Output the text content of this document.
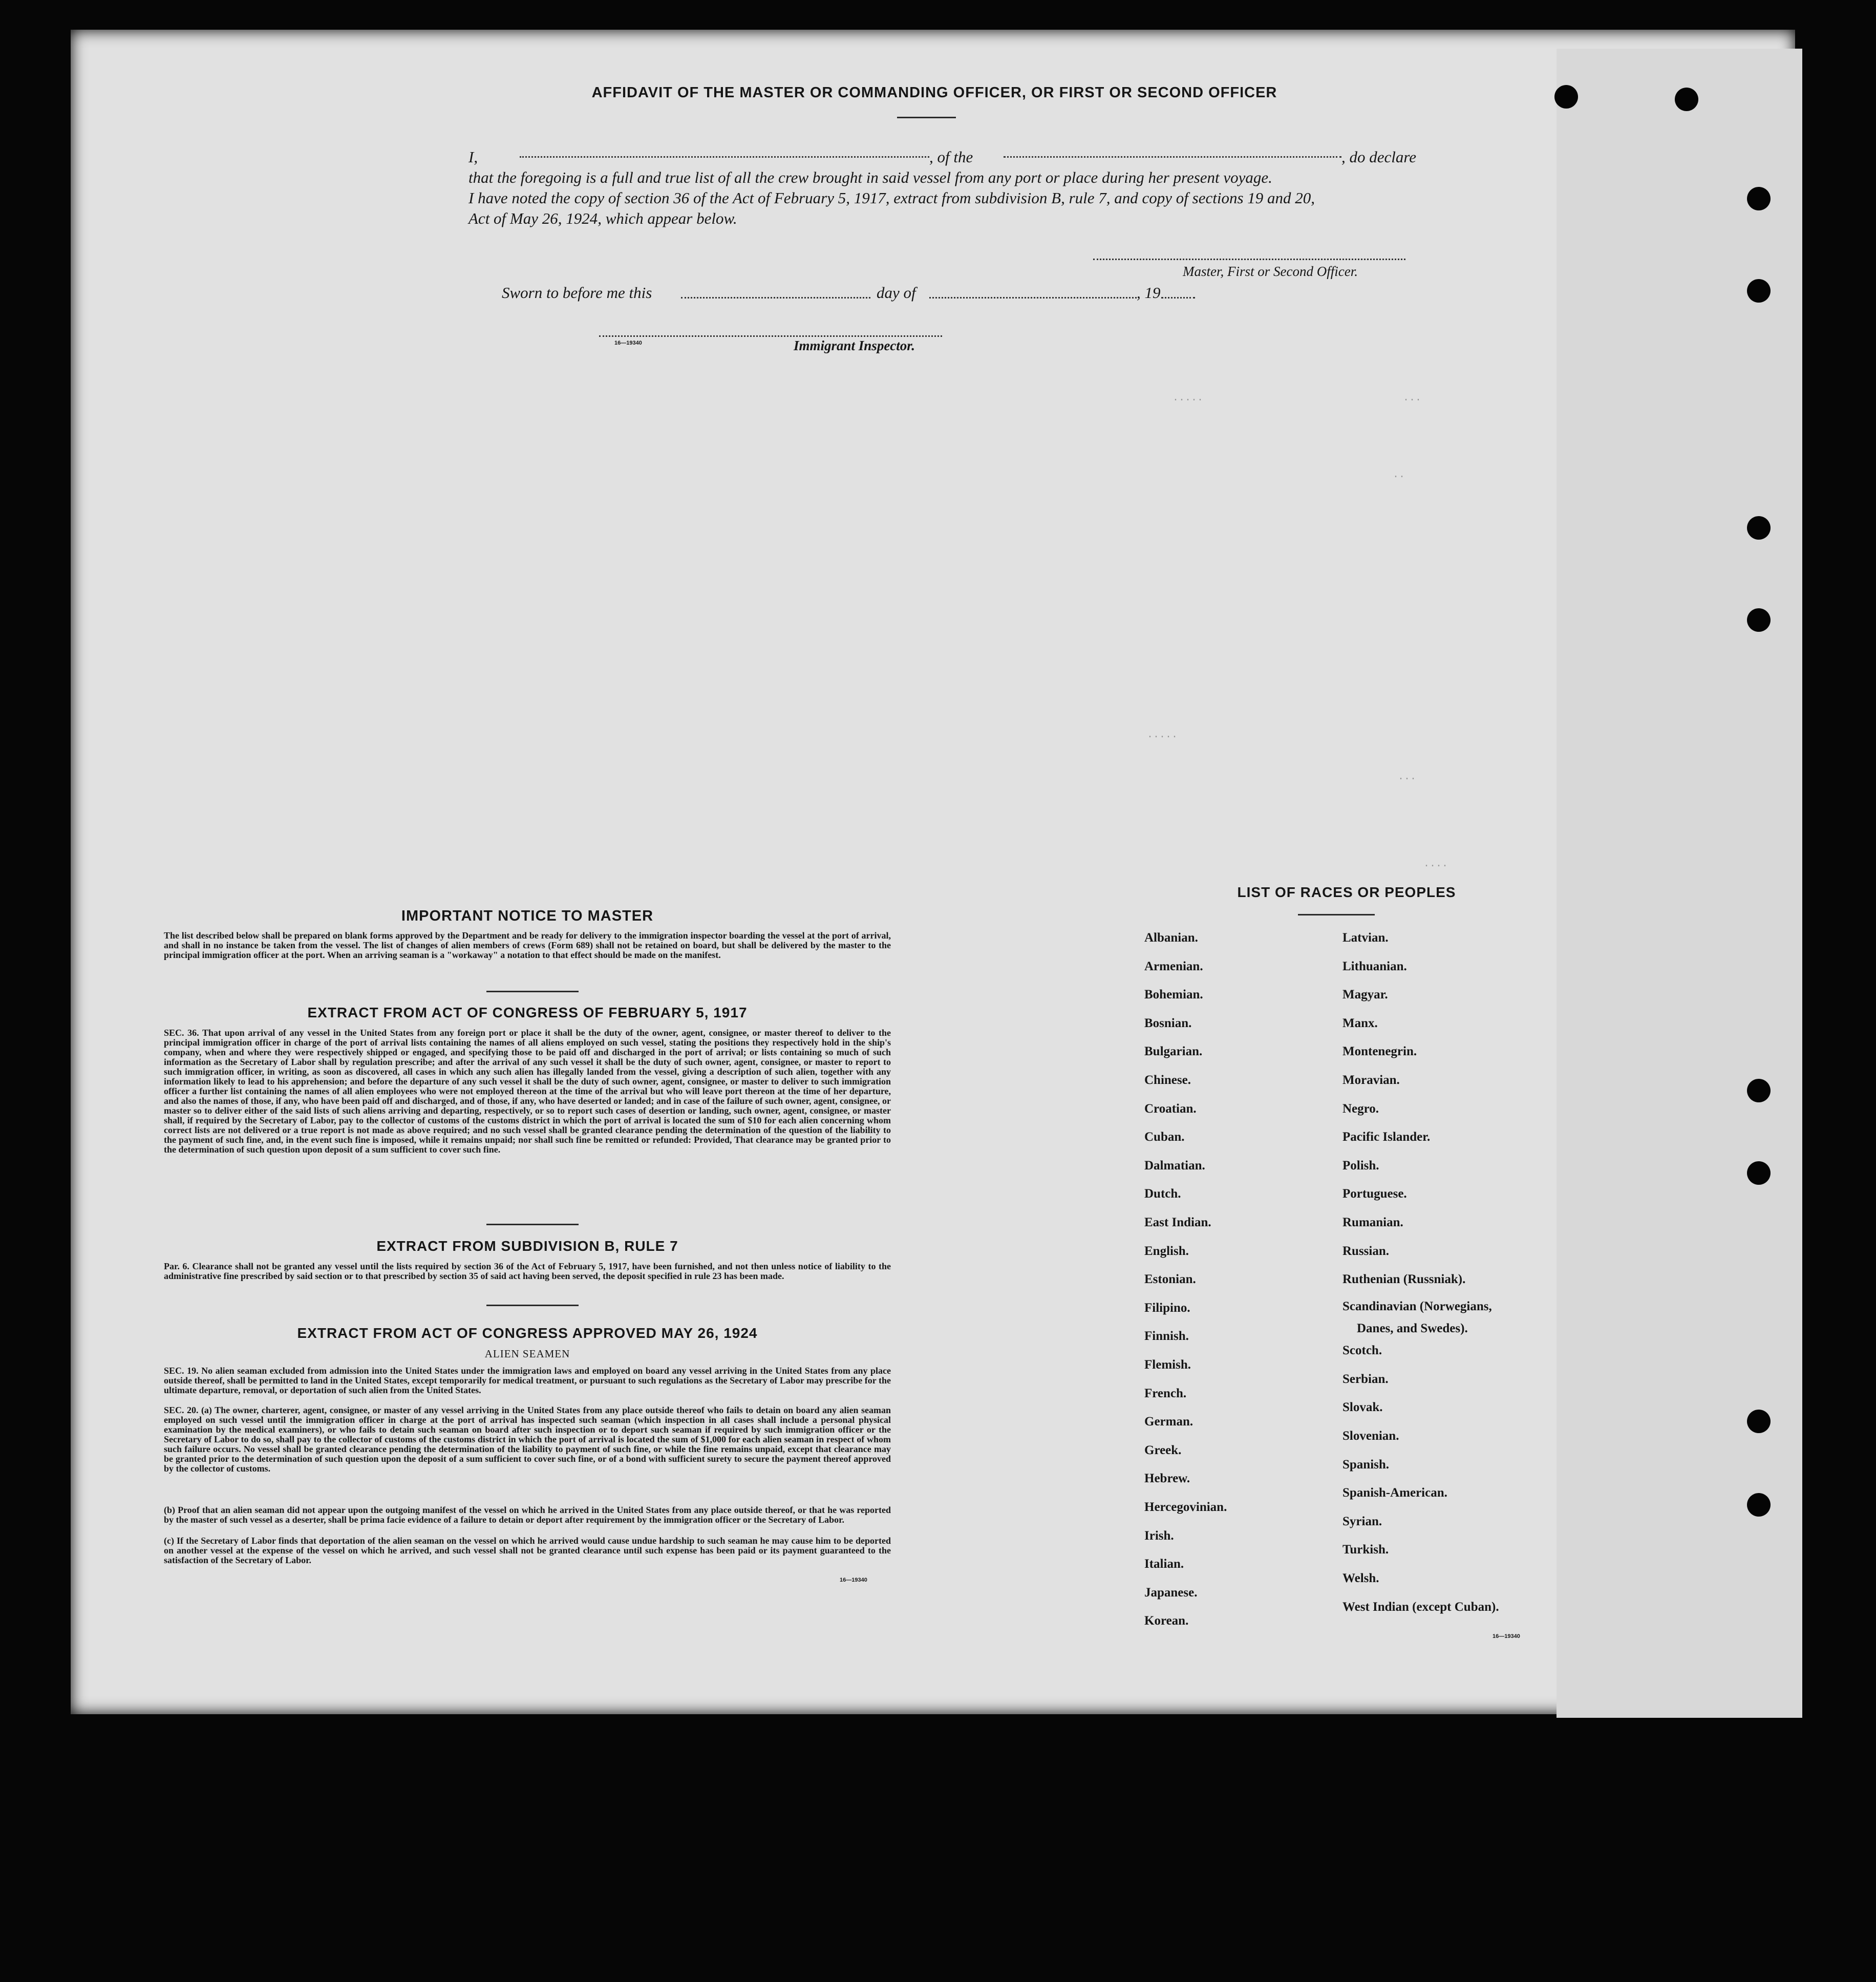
·····	···
··
·····
···
····
AFFIDAVIT OF THE MASTER OR COMMANDING OFFICER, OR FIRST OR SECOND OFFICER
I,	, of the	, do declare
that the foregoing is a full and true list of all the crew brought in said vessel from any port or place during her present voyage.
I have noted the copy of section 36 of the Act of February 5, 1917, extract from subdivision B, rule 7, and copy of sections 19 and 20,
Act of May 26, 1924, which appear below.
Master, First or Second Officer.
Sworn to before me this	day of	, 19
16—19340	Immigrant Inspector.
IMPORTANT NOTICE TO MASTER
The list described below shall be prepared on blank forms approved by the Department and be ready for delivery to the immigration inspector boarding the vessel at the port of arrival, and shall in no instance be taken from the vessel. The list of changes of alien members of crews (Form 689) shall not be retained on board, but shall be delivered by the master to the principal immigration officer at the port. When an arriving seaman is a "workaway" a notation to that effect should be made on the manifest.
EXTRACT FROM ACT OF CONGRESS OF FEBRUARY 5, 1917
SEC. 36. That upon arrival of any vessel in the United States from any foreign port or place it shall be the duty of the owner, agent, consignee, or master thereof to deliver to the principal immigration officer in charge of the port of arrival lists containing the names of all aliens employed on such vessel, stating the positions they respectively hold in the ship's company, when and where they were respectively shipped or engaged, and specifying those to be paid off and discharged in the port of arrival; or lists containing so much of such information as the Secretary of Labor shall by regulation prescribe; and after the arrival of any such vessel it shall be the duty of such owner, agent, consignee, or master to report to such immigration officer, in writing, as soon as discovered, all cases in which any such alien has illegally landed from the vessel, giving a description of such alien, together with any information likely to lead to his apprehension; and before the departure of any such vessel it shall be the duty of such owner, agent, consignee, or master to deliver to such immigration officer a further list containing the names of all alien employees who were not employed thereon at the time of the arrival but who will leave port thereon at the time of her departure, and also the names of those, if any, who have been paid off and discharged, and of those, if any, who have deserted or landed; and in case of the failure of such owner, agent, consignee, or master so to deliver either of the said lists of such aliens arriving and departing, respectively, or so to report such cases of desertion or landing, such owner, agent, consignee, or master shall, if required by the Secretary of Labor, pay to the collector of customs of the customs district in which the port of arrival is located the sum of $10 for each alien concerning whom correct lists are not delivered or a true report is not made as above required; and no such vessel shall be granted clearance pending the determination of the question of the liability to the payment of such fine, and, in the event such fine is imposed, while it remains unpaid; nor shall such fine be remitted or refunded: Provided, That clearance may be granted prior to the determination of such question upon deposit of a sum sufficient to cover such fine.
EXTRACT FROM SUBDIVISION B, RULE 7
Par. 6. Clearance shall not be granted any vessel until the lists required by section 36 of the Act of February 5, 1917, have been furnished, and not then unless notice of liability to the administrative fine prescribed by said section or to that prescribed by section 35 of said act having been served, the deposit specified in rule 23 has been made.
EXTRACT FROM ACT OF CONGRESS APPROVED MAY 26, 1924
ALIEN SEAMEN
SEC. 19. No alien seaman excluded from admission into the United States under the immigration laws and employed on board any vessel arriving in the United States from any place outside thereof, shall be permitted to land in the United States, except temporarily for medical treatment, or pursuant to such regulations as the Secretary of Labor may prescribe for the ultimate departure, removal, or deportation of such alien from the United States.
SEC. 20. (a) The owner, charterer, agent, consignee, or master of any vessel arriving in the United States from any place outside thereof who fails to detain on board any alien seaman employed on such vessel until the immigration officer in charge at the port of arrival has inspected such seaman (which inspection in all cases shall include a personal physical examination by the medical examiners), or who fails to detain such seaman on board after such inspection or to deport such seaman if required by such immigration officer or the Secretary of Labor to do so, shall pay to the collector of customs of the customs district in which the port of arrival is located the sum of $1,000 for each alien seaman in respect of whom such failure occurs. No vessel shall be granted clearance pending the determination of the liability to payment of such fine, or while the fine remains unpaid, except that clearance may be granted prior to the determination of such question upon the deposit of a sum sufficient to cover such fine, or of a bond with sufficient surety to secure the payment thereof approved by the collector of customs.
(b) Proof that an alien seaman did not appear upon the outgoing manifest of the vessel on which he arrived in the United States from any place outside thereof, or that he was reported by the master of such vessel as a deserter, shall be prima facie evidence of a failure to detain or deport after requirement by the immigration officer or the Secretary of Labor.
(c) If the Secretary of Labor finds that deportation of the alien seaman on the vessel on which he arrived would cause undue hardship to such seaman he may cause him to be deported on another vessel at the expense of the vessel on which he arrived, and such vessel shall not be granted clearance until such expense has been paid or its payment guaranteed to the satisfaction of the Secretary of Labor.
16—19340
LIST OF RACES OR PEOPLES
Albanian.
Armenian.
Bohemian.
Bosnian.
Bulgarian.
Chinese.
Croatian.
Cuban.
Dalmatian.
Dutch.
East Indian.
English.
Estonian.
Filipino.
Finnish.
Flemish.
French.
German.
Greek.
Hebrew.
Hercegovinian.
Irish.
Italian.
Japanese.
Korean.
Latvian.
Lithuanian.
Magyar.
Manx.
Montenegrin.
Moravian.
Negro.
Pacific Islander.
Polish.
Portuguese.
Rumanian.
Russian.
Ruthenian (Russniak).
Scandinavian (Norwegians,
Scotch.
Serbian.
Slovak.
Slovenian.
Spanish.
Spanish-American.
Syrian.
Turkish.
Welsh.
West Indian (except Cuban).
Danes, and Swedes).
16—19340
